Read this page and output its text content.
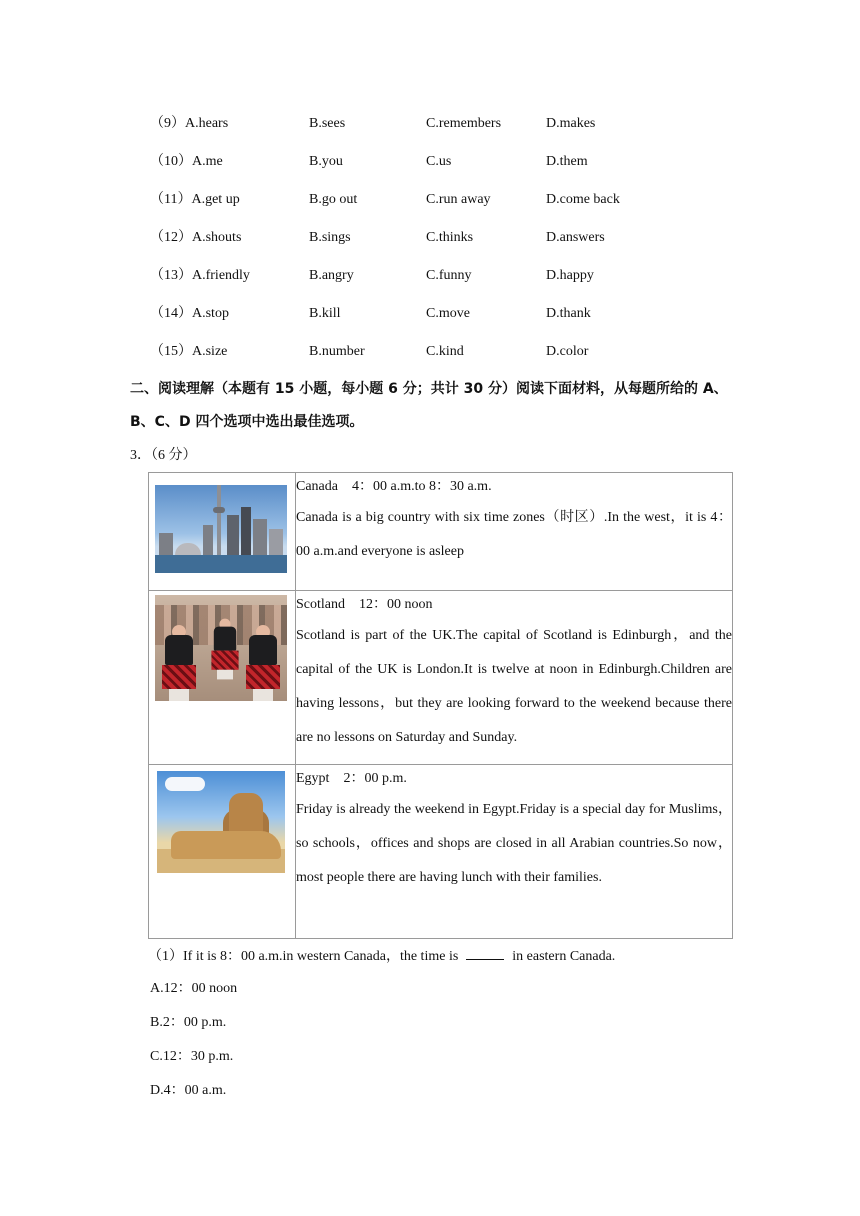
（9）A.hears	B.sees	C.remembers	D.makes
（10）A.me	B.you	C.us	D.them
（11）A.get up	B.go out	C.run away	D.come back
（12）A.shouts	B.sings	C.thinks	D.answers
（13）A.friendly	B.angry	C.funny	D.happy
（14）A.stop	B.kill	C.move	D.thank
（15）A.size	B.number	C.kind	D.color
二、阅读理解（本题有 15 小题，每小题 6 分；共计 30 分）阅读下面材料，从每题所给的 A、
B、C、D 四个选项中选出最佳选项。
3．（6 分）

	Canada　4：00 a.m.to 8：30 a.m.

Canada is a big country with six time zones（时区）.In the west，it is 4：00 a.m.and everyone is asleep

	Scotland　12：00 noon

Scotland is part of the UK.The capital of Scotland is Edinburgh，and the capital of the UK is London.It is twelve at noon in Edinburgh.Children are having lessons，but they are looking forward to the weekend because there are no lessons on Saturday and Sunday.

	Egypt　2：00 p.m.

Friday is already the weekend in Egypt.Friday is a special day for Muslims，so schools，offices and shops are closed in all Arabian countries.So now，most people there are having lunch with their families.

（1）If it is 8：00 a.m.in western Canada，the time is	in eastern Canada.
A.12：00 noon
B.2：00 p.m.
C.12：30 p.m.
D.4：00 a.m.
